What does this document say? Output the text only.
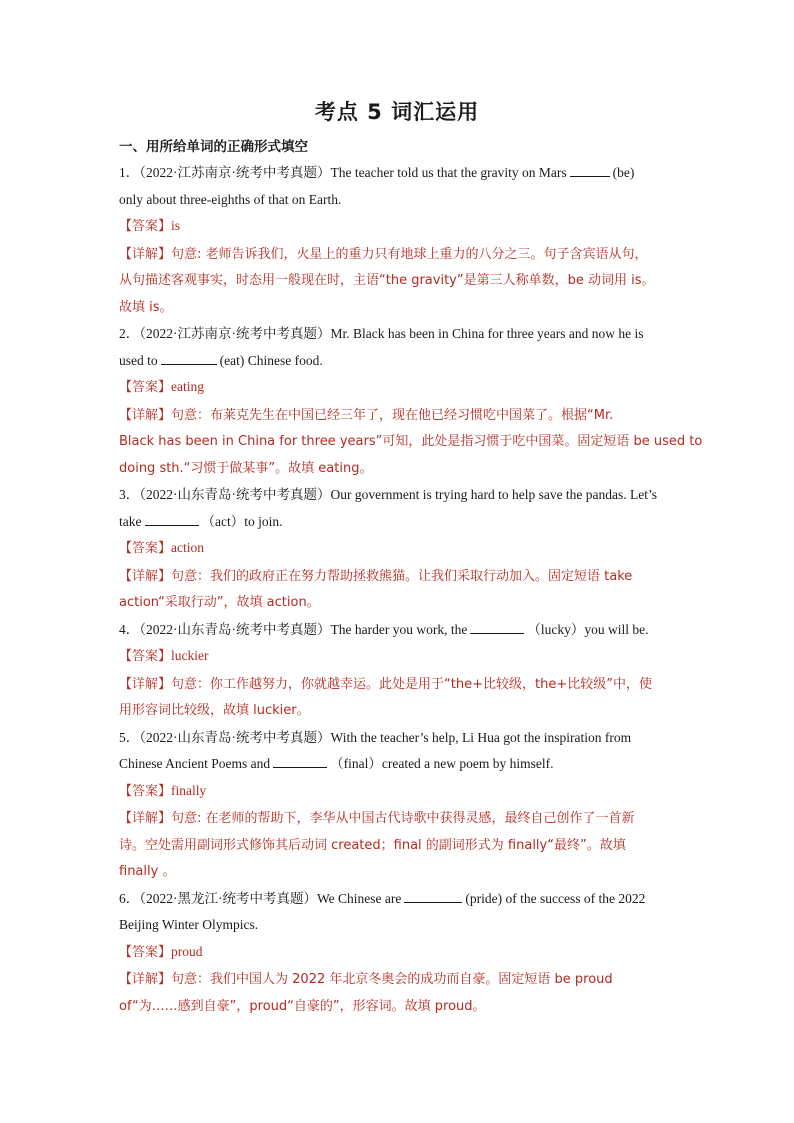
考点 5 词汇运用
一、用所给单词的正确形式填空
1．（2022·江苏南京·统考中考真题）The teacher told us that the gravity on Mars	(be)
only about three-eighths of that on Earth.
【答案】is
【详解】句意: 老师告诉我们，火星上的重力只有地球上重力的八分之三。句子含宾语从句，
从句描述客观事实，时态用一般现在时，主语“the gravity”是第三人称单数，be 动词用 is。
故填 is。
2．（2022·江苏南京·统考中考真题）Mr. Black has been in China for three years and now he is
used to	(eat) Chinese food.
【答案】eating
【详解】句意：布莱克先生在中国已经三年了，现在他已经习惯吃中国菜了。根据“Mr.
Black has been in China for three years”可知，此处是指习惯于吃中国菜。固定短语 be used to
doing sth.“习惯于做某事”。故填 eating。
3．（2022·山东青岛·统考中考真题）Our government is trying hard to help save the pandas. Let’s
take	（act）to join.
【答案】action
【详解】句意：我们的政府正在努力帮助拯救熊猫。让我们采取行动加入。固定短语 take
action“采取行动”，故填 action。
4．（2022·山东青岛·统考中考真题）The harder you work, the	（lucky）you will be.
【答案】luckier
【详解】句意：你工作越努力，你就越幸运。此处是用于“the+比较级，the+比较级”中，使
用形容词比较级，故填 luckier。
5．（2022·山东青岛·统考中考真题）With the teacher’s help, Li Hua got the inspiration from
Chinese Ancient Poems and	（final）created a new poem by himself.
【答案】finally
【详解】句意: 在老师的帮助下，李华从中国古代诗歌中获得灵感，最终自己创作了一首新
诗。空处需用副词形式修饰其后动词 created；final 的副词形式为 finally“最终”。故填
finally 。
6．（2022·黑龙江·统考中考真题）We Chinese are	(pride) of the success of the 2022
Beijing Winter Olympics.
【答案】proud
【详解】句意：我们中国人为 2022 年北京冬奥会的成功而自豪。固定短语 be proud
of“为……感到自豪”，proud“自豪的”，形容词。故填 proud。
